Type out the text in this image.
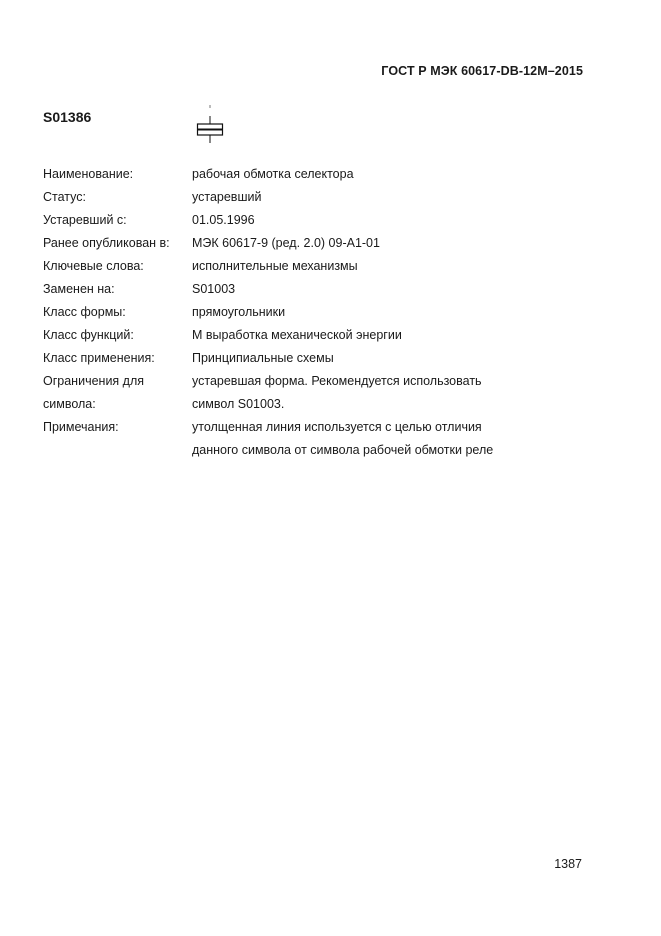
ГОСТ Р МЭК 60617-DB-12M–2015
S01386
Наименование:	рабочая обмотка селектора
Статус:	устаревший
Устаревший с:	01.05.1996
Ранее опубликован в:	МЭК 60617-9 (ред. 2.0) 09-A1-01
Ключевые слова:	исполнительные механизмы
Заменен на:	S01003
Класс формы:	прямоугольники
Класс функций:	M выработка механической энергии
Класс применения:	Принципиальные схемы
Ограничения для	устаревшая форма. Рекомендуется использовать
символа:	символ S01003.
Примечания:	утолщенная линия используется с целью отличия
	данного символа от символа рабочей обмотки реле
1387
